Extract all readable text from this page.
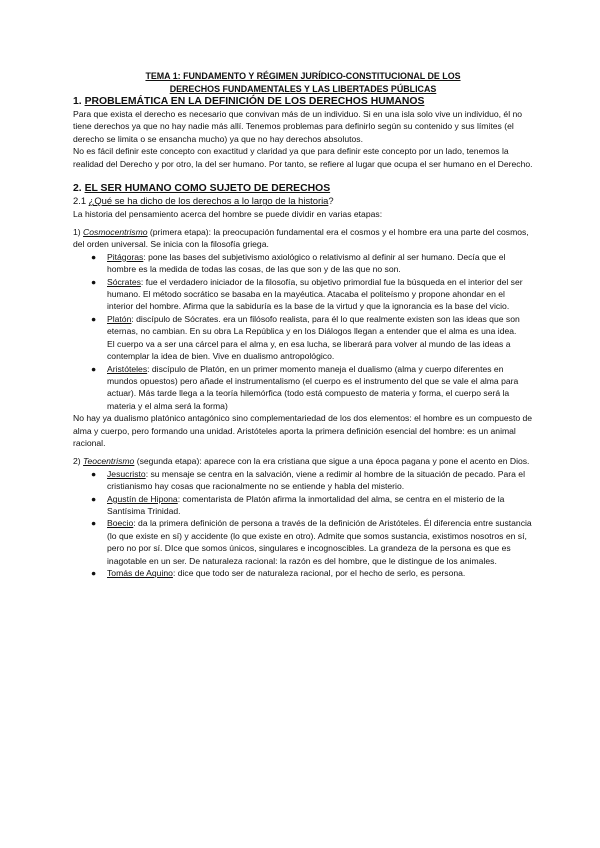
TEMA 1: FUNDAMENTO Y RÉGIMEN JURÍDICO-CONSTITUCIONAL DE LOS
DERECHOS FUNDAMENTALES Y LAS LIBERTADES PÚBLICAS

1. PROBLEMÁTICA EN LA DEFINICIÓN DE LOS DERECHOS HUMANOS

Para que exista el derecho es necesario que convivan más de un individuo. Si en una isla solo vive un individuo, él no tiene derechos ya que no hay nadie más allí. Tenemos problemas para definirlo según su contenido y sus límites (el derecho se limita o se ensancha mucho) ya que no hay derechos absolutos.

No es fácil definir este concepto con exactitud y claridad ya que para definir este concepto por un lado, tenemos la realidad del Derecho y por otro, la del ser humano. Por tanto, se refiere al lugar que ocupa el ser humano en el Derecho.

2. EL SER HUMANO COMO SUJETO DE DERECHOS
2.1 ¿Qué se ha dicho de los derechos a lo largo de la historia?

La historia del pensamiento acerca del hombre se puede dividir en varias etapas:

1) Cosmocentrismo (primera etapa): la preocupación fundamental era el cosmos y el hombre era una parte del cosmos, del orden universal. Se inicia con la filosofía griega.

● Pitágoras: pone las bases del subjetivismo axiológico o relativismo al definir al ser humano. Decía que el hombre es la medida de todas las cosas, de las que son y de las que no son.
● Sócrates: fue el verdadero iniciador de la filosofía, su objetivo primordial fue la búsqueda en el interior del ser humano. El método socrático se basaba en la mayéutica. Atacaba el politeísmo y propone ahondar en el interior del hombre. Afirma que la sabiduría es la base de la virtud y que la ignorancia es la base del vicio.
● Platón: discípulo de Sócrates. era un filósofo realista, para él lo que realmente existen son las ideas que son eternas, no cambian. En su obra La República y en los Diálogos llegan a entender que el alma es una idea.
El cuerpo va a ser una cárcel para el alma y, en esa lucha, se liberará para volver al mundo de las ideas a contemplar la idea de bien. Vive en dualismo antropológico.
● Aristóteles: discípulo de Platón, en un primer momento maneja el dualismo (alma y cuerpo diferentes en mundos opuestos) pero añade el instrumentalismo (el cuerpo es el instrumento del que se vale el alma para actuar). Más tarde llega a la teoría hilemórfica (todo está compuesto de materia y forma, el cuerpo será la materia y el alma será la forma)

No hay ya dualismo platónico antagónico sino complementariedad de los dos elementos: el hombre es un compuesto de alma y cuerpo, pero formando una unidad. Aristóteles aporta la primera definición esencial del hombre: es un animal racional.

2) Teocentrismo (segunda etapa): aparece con la era cristiana que sigue a una época pagana y pone el acento en Dios.

● Jesucristo: su mensaje se centra en la salvación, viene a redimir al hombre de la situación de pecado. Para el cristianismo hay cosas que racionalmente no se entiende y habla del misterio.
● Agustín de Hipona: comentarista de Platón afirma la inmortalidad del alma, se centra en el misterio de la Santísima Trinidad.
● Boecio: da la primera definición de persona a través de la definición de Aristóteles. Él diferencia entre sustancia (lo que existe en sí) y accidente (lo que existe en otro). Admite que somos sustancia, existimos nosotros en sí, pero no por sí. DIce que somos únicos, singulares e incognoscibles. La grandeza de la persona es que es inagotable en un ser. De naturaleza racional: la razón es del hombre, que le distingue de los animales.
● Tomás de Aquino: dice que todo ser de naturaleza racional, por el hecho de serlo, es persona.
